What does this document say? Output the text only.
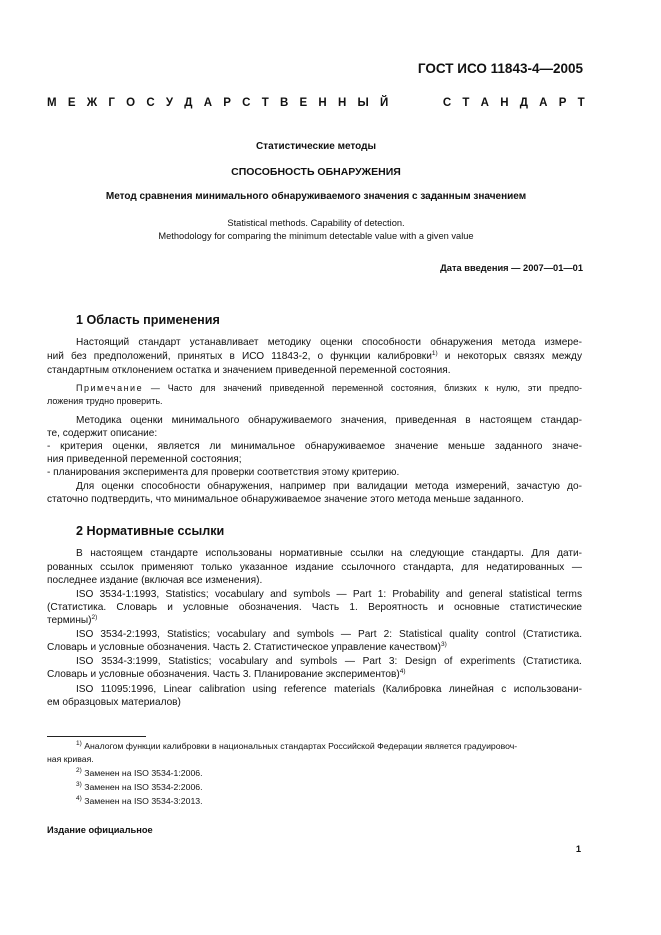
ГОСТ ИСО 11843-4—2005
М Е Ж Г О С У Д А Р С Т В Е Н Н Ы Й

	С Т А Н Д А Р Т
Статистические методы
СПОСОБНОСТЬ ОБНАРУЖЕНИЯ
Метод сравнения минимального обнаруживаемого значения с заданным значением
Statistical methods. Capability of detection.
Methodology for comparing the minimum detectable value with a given value
Дата введения — 2007—01—01
1 Область применения
Настоящий стандарт устанавливает методику оценки способности обнаружения метода измере-
ний без предположений, принятых в ИСО 11843-2, о функции калибровки$^{1)}$ и некоторых связях между
стандартным отклонением остатка и значением приведенной переменной состояния.
Примечание — Часто для значений приведенной переменной состояния, близких к нулю, эти предпо-
ложения трудно проверить.
Методика оценки минимального обнаруживаемого значения, приведенная в настоящем стандар-
те, содержит описание:
- критерия оценки, является ли минимальное обнаруживаемое значение меньше заданного значе-
ния приведенной переменной состояния;
- планирования эксперимента для проверки соответствия этому критерию.
Для оценки способности обнаружения, например при валидации метода измерений, зачастую до-
статочно подтвердить, что минимальное обнаруживаемое значение этого метода меньше заданного.
2 Нормативные ссылки
В настоящем стандарте использованы нормативные ссылки на следующие стандарты. Для дати-
рованных ссылок применяют только указанное издание ссылочного стандарта, для недатированных —
последнее издание (включая все изменения).
ISO 3534-1:1993, Statistics; vocabulary and symbols — Part 1: Probability and general statistical terms
(Статистика. Словарь и условные обозначения. Часть 1. Вероятность и основные статистические
термины)$^{2)}$
ISO 3534-2:1993, Statistics; vocabulary and symbols — Part 2: Statistical quality control (Статистика.
Словарь и условные обозначения. Часть 2. Статистическое управление качеством)$^{3)}$
ISO 3534-3:1999, Statistics; vocabulary and symbols — Part 3: Design of experiments (Статистика.
Словарь и условные обозначения. Часть 3. Планирование экспериментов)$^{4)}$
ISO 11095:1996, Linear calibration using reference materials (Калибровка линейная с использовани-
ем образцовых материалов)
$^{1)}$ Аналогом функции калибровки в национальных стандартах Российской Федерации является градуировоч-
ная кривая.
$^{2)}$ Заменен на ISO 3534-1:2006.
$^{3)}$ Заменен на ISO 3534-2:2006.
$^{4)}$ Заменен на ISO 3534-3:2013.
Издание официальное
1
